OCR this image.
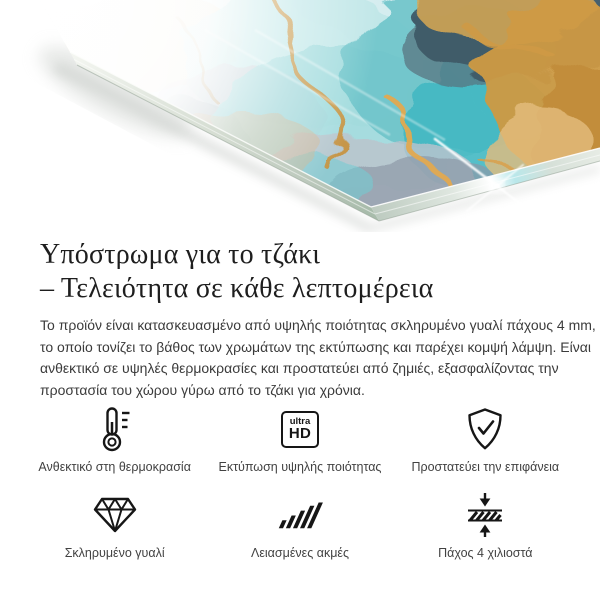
Υπόστρωμα για το τζάκι
– Τελειότητα σε κάθε λεπτομέρεια

Το προϊόν είναι κατασκευασμένο από υψηλής ποιότητας σκληρυμένο γυαλί πάχους 4 mm,
το οποίο τονίζει το βάθος των χρωμάτων της εκτύπωσης και παρέχει κομψή λάμψη. Είναι
ανθεκτικό σε υψηλές θερμοκρασίες και προστατεύει από ζημιές, εξασφαλίζοντας την
προστασία του χώρου γύρω από το τζάκι για χρόνια.

Ανθεκτικό στη θερμοκρασία
ultra
HD
Εκτύπωση υψηλής ποιότητας	Προστατεύει την επιφάνεια
Σκληρυμένο γυαλί	Λειασμένες ακμές	Πάχος 4 χιλιοστά
